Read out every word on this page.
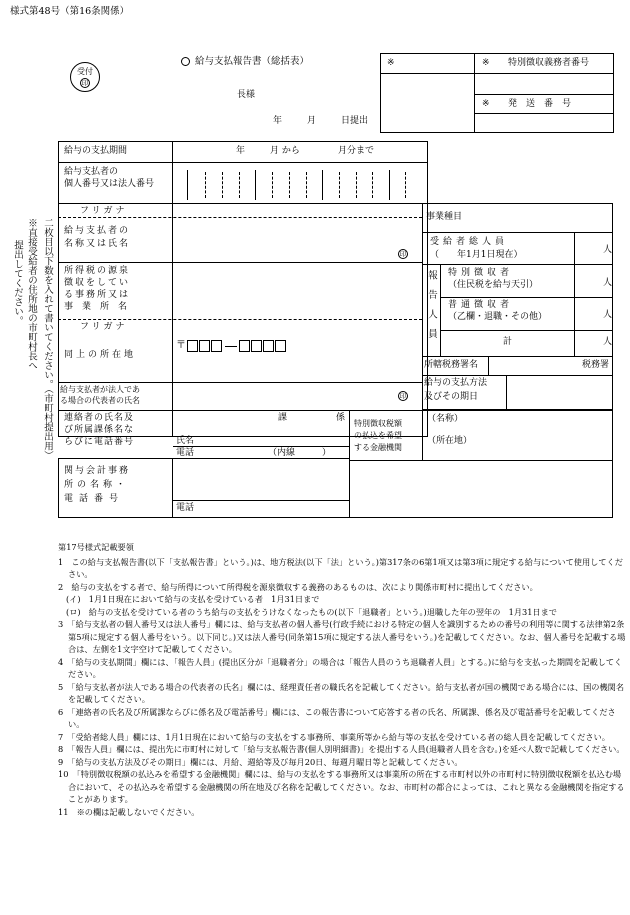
様式第48号（第16条関係）
受付
印
給与支払報告書（総括表）
長様
年	月	日提出
※	※ 特別徴収義務者番号
※ 発　送　番　号
給与の支払期間	年	月 から	月分まで
給与支払者の
個人番号又は法人番号
フリガナ
給与支払者の
名称又は氏名
印
所得税の源泉
徴収をしてい
る事務所又は
事　業　所　名
フリガナ
同上の所在地
〒
給与支払者が法人であ
る場合の代表者の氏名	印
連絡者の氏名及
び所属課係名な
らびに電話番号
課	係
氏名
電話	（内線　　　）
特別徴収税額
の払込を希望
する金融機関
（名称）
（所在地）
関与会計事務
所の名称・
電話番号
電話
事業種目
受給者総人員
（　　年1月1日現在）	人
報告人員 特別徴収者
（住民税を給与天引）	人
普通徴収者
（乙欄・退職・その他）	人
計	人
所轄税務署名	税務署
給与の支払方法
及びその期日
二枚目以下数を入れて書いてください。（市町村提出用）
※直接受給者の住所地の市町村長へ
提出してください。

第17号様式記載要領

1　この給与支払報告書(以下「支払報告書」という。)は、地方税法(以下「法」という。)第317条の6第1項又は第3項に規定する給与について使用してください。

2　給与の支払をする者で、給与所得について所得税を源泉徴収する義務のあるものは、次により関係市町村に提出してください。

(イ)　1月1日現在において給与の支払を受けている者　1月31日まで

(ロ)　給与の支払を受けている者のうち給与の支払をうけなくなったもの(以下「退職者」という。)退職した年の翌年の　1月31日まで

3　「給与支払者の個人番号又は法人番号」欄には、給与支払者の個人番号(行政手続における特定の個人を識別するための番号の利用等に関する法律第2条第5項に規定する個人番号をいう。以下同じ。)又は法人番号(同条第15項に規定する法人番号をいう。)を記載してください。なお、個人番号を記載する場合は、左側を1文字空けて記載してください。

4　「給与の支払期間」欄には、「報告人員」(提出区分が「退職者分」の場合は「報告人員のうち退職者人員」とする。)に給与を支払った期間を記載してください。

5　「給与支払者が法人である場合の代表者の氏名」欄には、経理責任者の職氏名を記載してください。給与支払者が国の機関である場合には、国の機関名を記載してください。

6　「連絡者の氏名及び所属課ならびに係名及び電話番号」欄には、この報告書について応答する者の氏名、所属課、係名及び電話番号を記載してください。

7　「受給者総人員」欄には、1月1日現在において給与の支払をする事務所、事業所等から給与等の支払を受けている者の総人員を記載してください。

8　「報告人員」欄には、提出先に市町村に対して「給与支払報告書(個人別明細書)」を提出する人員(退職者人員を含む。)を延べ人数で記載してください。

9　「給与の支払方法及びその期日」欄には、月給、週給等及び毎月20日、毎週月曜日等と記載してください。

10　「特別徴収税額の払込みを希望する金融機関」欄には、給与の支払をする事務所又は事業所の所在する市町村以外の市町村に特別徴収税額を払込む場合において、その払込みを希望する金融機関の所在地及び名称を記載してください。なお、市町村の都合によっては、これと異なる金融機関を指定することがあります。

11　※の欄は記載しないでください。
